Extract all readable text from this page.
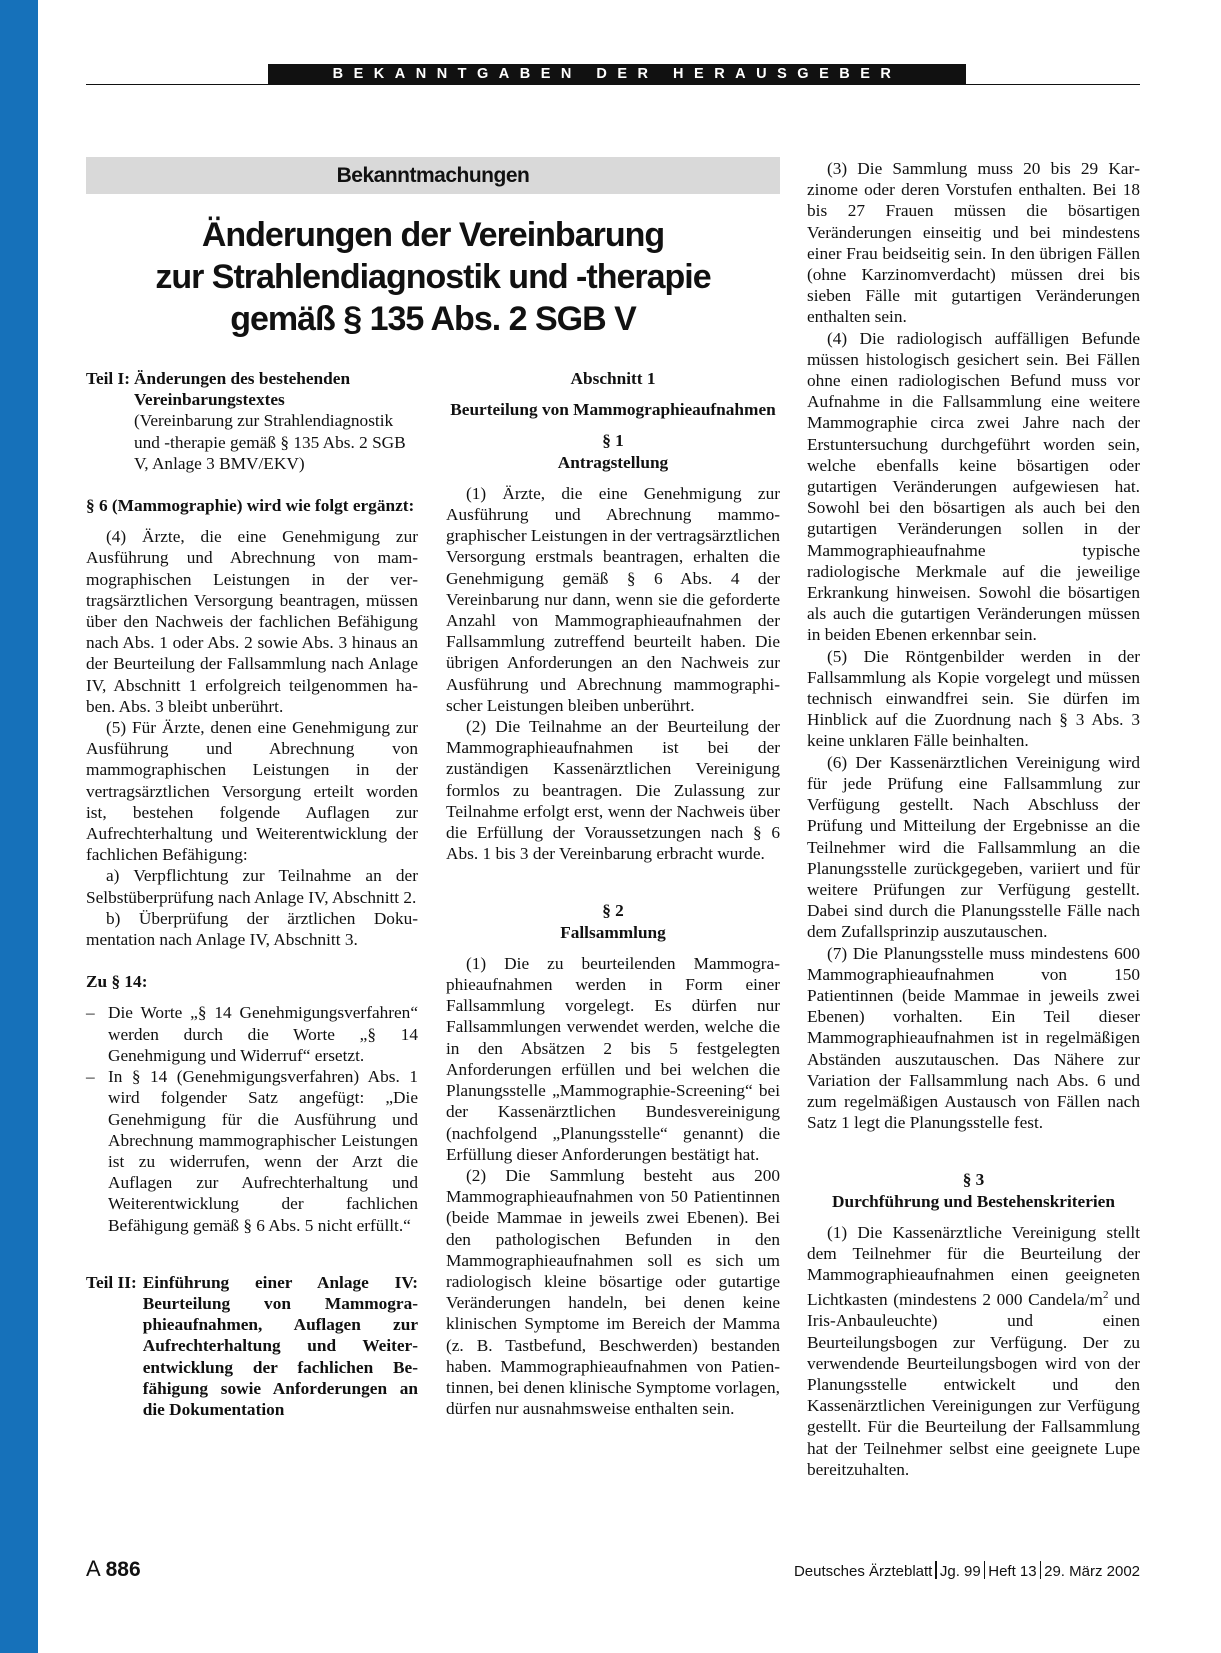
BEKANNTGABEN DER HERAUSGEBER
Bekanntmachungen
Änderungen der Vereinbarung
zur Strahlendiagnostik und -therapie
gemäß § 135 Abs. 2 SGB V
Teil I: Änderungen des bestehenden Vereinbarungstextes

(Vereinbarung zur Strahlendiagnostik und -therapie gemäß § 135 Abs. 2 SGB V, Anlage 3 BMV/EKV)

§ 6 (Mammographie) wird wie folgt ergänzt:

(4) Ärzte, die eine Genehmigung zur Ausführung und Abrechnung von mammographischen Leistungen in der vertragsärztlichen Versorgung beantragen, müssen über den Nachweis der fachlichen Befähigung nach Abs. 1 oder Abs. 2 sowie Abs. 3 hinaus an der Beurteilung der Fallsammlung nach Anlage IV, Abschnitt 1 erfolgreich teilgenommen haben. Abs. 3 bleibt unberührt.

(5) Für Ärzte, denen eine Genehmigung zur Ausführung und Abrechnung von mammographischen Leistungen in der vertragsärztlichen Versorgung erteilt worden ist, bestehen folgende Auflagen zur Aufrechterhaltung und Weiterentwicklung der fachlichen Befähigung:

a) Verpflichtung zur Teilnahme an der Selbstüberprüfung nach Anlage IV, Abschnitt 2.

b) Überprüfung der ärztlichen Dokumentation nach Anlage IV, Abschnitt 3.

Zu § 14:

– Die Worte „§ 14 Genehmigungsverfahren“ werden durch die Worte „§ 14 Genehmigung und Widerruf“ ersetzt.
– In § 14 (Genehmigungsverfahren) Abs. 1 wird folgender Satz angefügt: „Die Genehmigung für die Ausführung und Abrechnung mammographischer Leistungen ist zu widerrufen, wenn der Arzt die Auflagen zur Aufrechterhaltung und Weiterentwicklung der fachlichen Befähigung gemäß § 6 Abs. 5 nicht erfüllt.“
Teil II: Einführung einer Anlage IV: Beurteilung von Mammographieaufnahmen, Auflagen zur Aufrechterhaltung und Weiterentwicklung der fachlichen Befähigung sowie Anforderungen an die Dokumentation

Abschnitt 1

Beurteilung von Mammographieaufnahmen

§ 1

Antragstellung

(1) Ärzte, die eine Genehmigung zur Ausführung und Abrechnung mammographischer Leistungen in der vertragsärztlichen Versorgung erstmals beantragen, erhalten die Genehmigung gemäß § 6 Abs. 4 der Vereinbarung nur dann, wenn sie die geforderte Anzahl von Mammographieaufnahmen der Fallsammlung zutreffend beurteilt haben. Die übrigen Anforderungen an den Nachweis zur Ausführung und Abrechnung mammographischer Leistungen bleiben unberührt.

(2) Die Teilnahme an der Beurteilung der Mammographieaufnahmen ist bei der zuständigen Kassenärztlichen Vereinigung formlos zu beantragen. Die Zulassung zur Teilnahme erfolgt erst, wenn der Nachweis über die Erfüllung der Voraussetzungen nach § 6 Abs. 1 bis 3 der Vereinbarung erbracht wurde.

§ 2

Fallsammlung

(1) Die zu beurteilenden Mammographieaufnahmen werden in Form einer Fallsammlung vorgelegt. Es dürfen nur Fallsammlungen verwendet werden, welche die in den Absätzen 2 bis 5 festgelegten Anforderungen erfüllen und bei welchen die Planungsstelle „Mammographie-Screening“ bei der Kassenärztlichen Bundesvereinigung (nachfolgend „Planungsstelle“ genannt) die Erfüllung dieser Anforderungen bestätigt hat.

(2) Die Sammlung besteht aus 200 Mammographieaufnahmen von 50 Patientinnen (beide Mammae in jeweils zwei Ebenen). Bei den pathologischen Befunden in den Mammographieaufnahmen soll es sich um radiologisch kleine bösartige oder gutartige Veränderungen handeln, bei denen keine klinischen Symptome im Bereich der Mamma (z. B. Tastbefund, Beschwerden) bestanden haben. Mammographieaufnahmen von Patientinnen, bei denen klinische Symptome vorlagen, dürfen nur ausnahmsweise enthalten sein.

(3) Die Sammlung muss 20 bis 29 Karzinome oder deren Vorstufen enthalten. Bei 18 bis 27 Frauen müssen die bösartigen Veränderungen einseitig und bei mindestens einer Frau beidseitig sein. In den übrigen Fällen (ohne Karzinomverdacht) müssen drei bis sieben Fälle mit gutartigen Veränderungen enthalten sein.

(4) Die radiologisch auffälligen Befunde müssen histologisch gesichert sein. Bei Fällen ohne einen radiologischen Befund muss vor Aufnahme in die Fallsammlung eine weitere Mammographie circa zwei Jahre nach der Erstuntersuchung durchgeführt worden sein, welche ebenfalls keine bösartigen oder gutartigen Veränderungen aufgewiesen hat. Sowohl bei den bösartigen als auch bei den gutartigen Veränderungen sollen in der Mammographieaufnahme typische radiologische Merkmale auf die jeweilige Erkrankung hinweisen. Sowohl die bösartigen als auch die gutartigen Veränderungen müssen in beiden Ebenen erkennbar sein.

(5) Die Röntgenbilder werden in der Fallsammlung als Kopie vorgelegt und müssen technisch einwandfrei sein. Sie dürfen im Hinblick auf die Zuordnung nach § 3 Abs. 3 keine unklaren Fälle beinhalten.

(6) Der Kassenärztlichen Vereinigung wird für jede Prüfung eine Fallsammlung zur Verfügung gestellt. Nach Abschluss der Prüfung und Mitteilung der Ergebnisse an die Teilnehmer wird die Fallsammlung an die Planungsstelle zurückgegeben, variiert und für weitere Prüfungen zur Verfügung gestellt. Dabei sind durch die Planungsstelle Fälle nach dem Zufallsprinzip auszutauschen.

(7) Die Planungsstelle muss mindestens 600 Mammographieaufnahmen von 150 Patientinnen (beide Mammae in jeweils zwei Ebenen) vorhalten. Ein Teil dieser Mammographieaufnahmen ist in regelmäßigen Abständen auszutauschen. Das Nähere zur Variation der Fallsammlung nach Abs. 6 und zum regelmäßigen Austausch von Fällen nach Satz 1 legt die Planungsstelle fest.

§ 3

Durchführung und Bestehenskriterien

(1) Die Kassenärztliche Vereinigung stellt dem Teilnehmer für die Beurteilung der Mammographieaufnahmen einen geeigneten Lichtkasten (mindestens 2 000 Candela/$m^2$ und Iris-Anbauleuchte) und einen Beurteilungsbogen zur Verfügung. Der zu verwendende Beurteilungsbogen wird von der Planungsstelle entwickelt und den Kassenärztlichen Vereinigungen zur Verfügung gestellt. Für die Beurteilung der Fallsammlung hat der Teilnehmer selbst eine geeignete Lupe bereitzuhalten.

A 886	Deutsches Ärzteblatt Jg. 99 Heft 13 29. März 2002
